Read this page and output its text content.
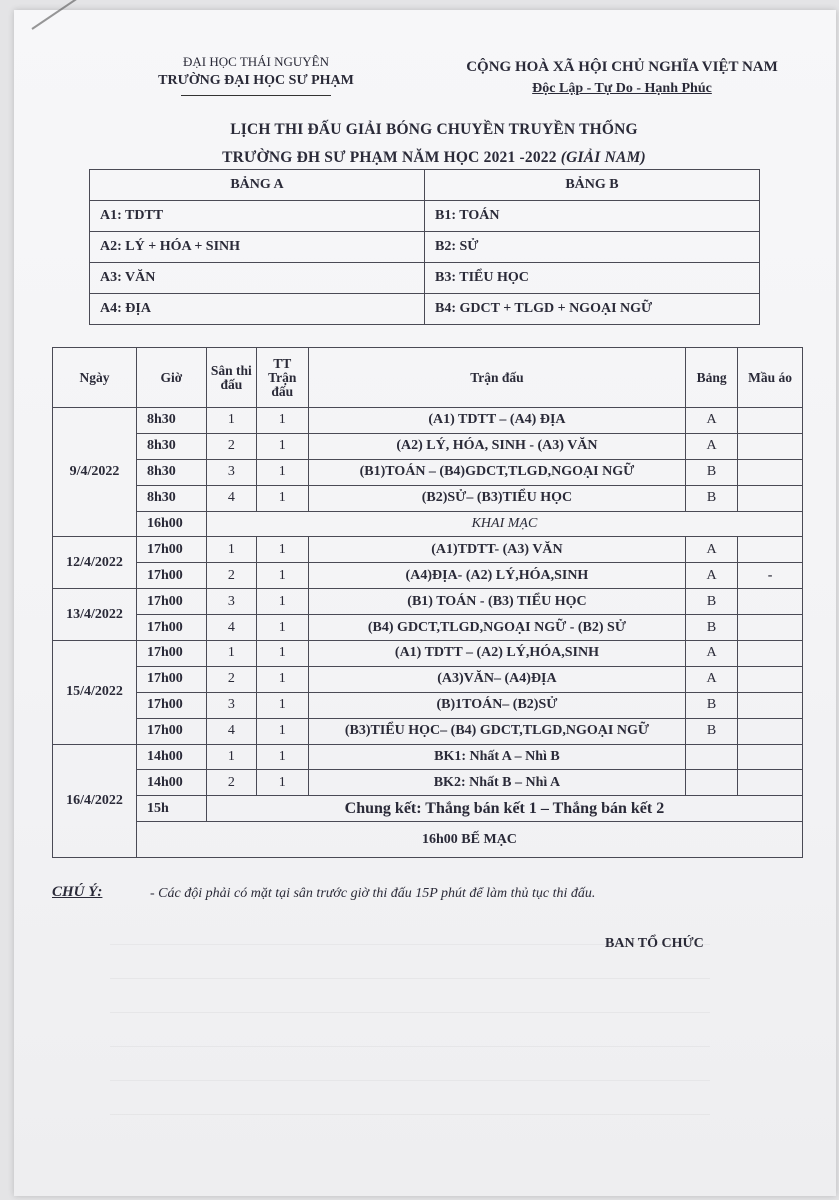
ĐẠI HỌC THÁI NGUYÊN
TRƯỜNG ĐẠI HỌC SƯ PHẠM
CỘNG HOÀ XÃ HỘI CHỦ NGHĨA VIỆT NAM
Độc Lập - Tự Do - Hạnh Phúc
LỊCH THI ĐẤU GIẢI BÓNG CHUYỀN TRUYỀN THỐNG
TRƯỜNG ĐH SƯ PHẠM NĂM HỌC 2021 -2022 (GIẢI NAM)
BẢNG A	BẢNG B
A1: TDTT	B1: TOÁN
A2: LÝ + HÓA + SINH	B2: SỬ
A3: VĂN	B3: TIỂU HỌC
A4: ĐỊA	B4: GDCT + TLGD + NGOẠI NGỮ
Ngày	Giờ	Sân thi đấu	TT Trận đấu	Trận đấu	Bảng	Mầu áo
9/4/2022	8h30	1	1	(A1) TDTT – (A4) ĐỊA	A	
	8h30	2	1	(A2) LÝ, HÓA, SINH - (A3) VĂN	A	
	8h30	3	1	(B1)TOÁN – (B4)GDCT,TLGD,NGOẠI NGỮ	B	
	8h30	4	1	(B2)SỬ– (B3)TIỂU HỌC	B	
	16h00	KHAI MẠC				
12/4/2022	17h00	1	1	(A1)TDTT- (A3) VĂN	A	
	17h00	2	1	(A4)ĐỊA- (A2) LÝ,HÓA,SINH	A	-
13/4/2022	17h00	3	1	(B1) TOÁN - (B3) TIỂU HỌC	B	
	17h00	4	1	(B4) GDCT,TLGD,NGOẠI NGỮ - (B2) SỬ	B	
15/4/2022	17h00	1	1	(A1) TDTT – (A2) LÝ,HÓA,SINH	A	
	17h00	2	1	(A3)VĂN– (A4)ĐỊA	A	
	17h00	3	1	(B)1TOÁN– (B2)SỬ	B	
	17h00	4	1	(B3)TIỂU HỌC– (B4) GDCT,TLGD,NGOẠI NGỮ	B	
16/4/2022	14h00	1	1	BK1: Nhất A – Nhì B		
	14h00	2	1	BK2: Nhất B – Nhì A		
	15h	Chung kết: Thắng bán kết 1 – Thắng bán kết 2				
	16h00 BẾ MẠC					
CHÚ Ý:	- Các đội phải có mặt tại sân trước giờ thi đấu 15P phút để làm thủ tục thi đấu.
BAN TỔ CHỨC
